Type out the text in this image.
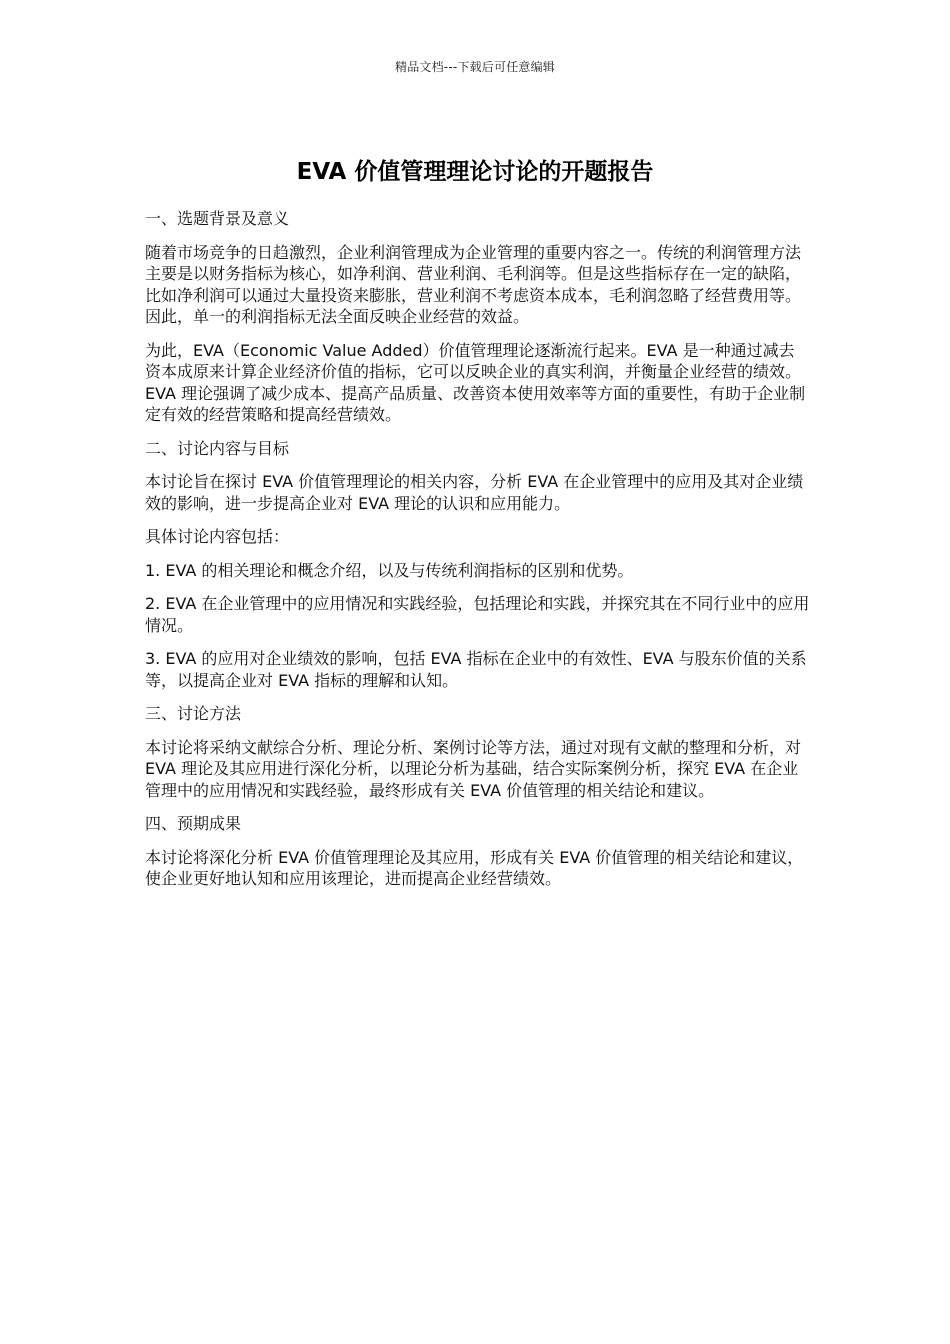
精品文档---下载后可任意编辑
EVA 价值管理理论讨论的开题报告

一、选题背景及意义

随着市场竞争的日趋激烈，企业利润管理成为企业管理的重要内容之一。传统的利润管理方法主要是以财务指标为核心，如净利润、营业利润、毛利润等。但是这些指标存在一定的缺陷，比如净利润可以通过大量投资来膨胀，营业利润不考虑资本成本，毛利润忽略了经营费用等。因此，单一的利润指标无法全面反映企业经营的效益。

为此，EVA（Economic Value Added）价值管理理论逐渐流行起来。EVA 是一种通过减去资本成原来计算企业经济价值的指标，它可以反映企业的真实利润，并衡量企业经营的绩效。EVA 理论强调了减少成本、提高产品质量、改善资本使用效率等方面的重要性，有助于企业制定有效的经营策略和提高经营绩效。

二、讨论内容与目标

本讨论旨在探讨 EVA 价值管理理论的相关内容，分析 EVA 在企业管理中的应用及其对企业绩效的影响，进一步提高企业对 EVA 理论的认识和应用能力。

具体讨论内容包括：

1. EVA 的相关理论和概念介绍，以及与传统利润指标的区别和优势。

2. EVA 在企业管理中的应用情况和实践经验，包括理论和实践，并探究其在不同行业中的应用情况。

3. EVA 的应用对企业绩效的影响，包括 EVA 指标在企业中的有效性、EVA 与股东价值的关系等，以提高企业对 EVA 指标的理解和认知。

三、讨论方法

本讨论将采纳文献综合分析、理论分析、案例讨论等方法，通过对现有文献的整理和分析，对 EVA 理论及其应用进行深化分析，以理论分析为基础，结合实际案例分析，探究 EVA 在企业管理中的应用情况和实践经验，最终形成有关 EVA 价值管理的相关结论和建议。

四、预期成果

本讨论将深化分析 EVA 价值管理理论及其应用，形成有关 EVA 价值管理的相关结论和建议，使企业更好地认知和应用该理论，进而提高企业经营绩效。
